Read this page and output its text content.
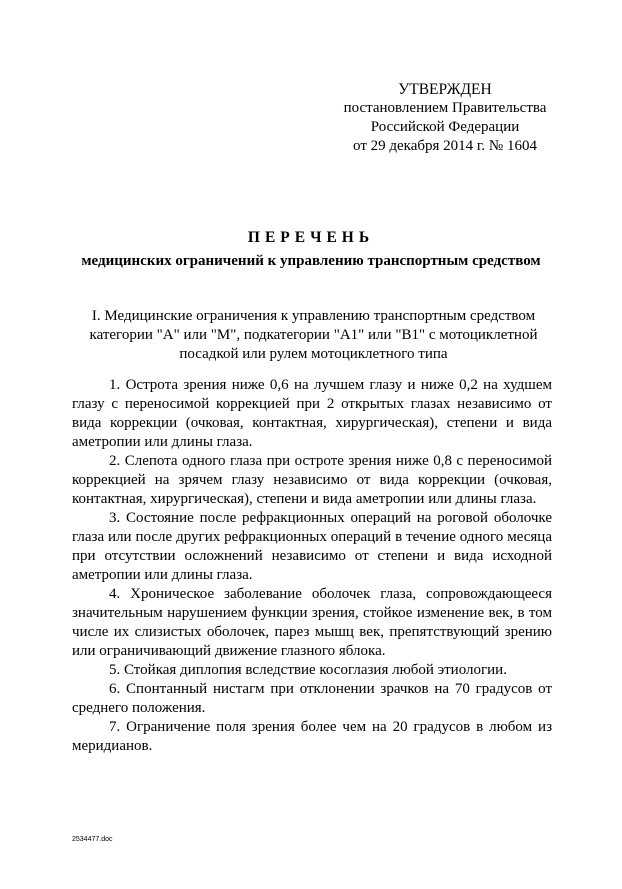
УТВЕРЖДЕН
постановлением Правительства
Российской Федерации
от 29 декабря 2014 г. № 1604
ПЕРЕЧЕНЬ
медицинских ограничений к управлению транспортным средством
I. Медицинские ограничения к управлению транспортным средством категории "A" или "M", подкатегории "A1" или "B1" с мотоциклетной посадкой или рулем мотоциклетного типа

1. Острота зрения ниже 0,6 на лучшем глазу и ниже 0,2 на худшем глазу с переносимой коррекцией при 2 открытых глазах независимо от вида коррекции (очковая, контактная, хирургическая), степени и вида аметропии или длины глаза.

2. Слепота одного глаза при остроте зрения ниже 0,8 с переносимой коррекцией на зрячем глазу независимо от вида коррекции (очковая, контактная, хирургическая), степени и вида аметропии или длины глаза.

3. Состояние после рефракционных операций на роговой оболочке глаза или после других рефракционных операций в течение одного месяца при отсутствии осложнений независимо от степени и вида исходной аметропии или длины глаза.

4. Хроническое заболевание оболочек глаза, сопровождающееся значительным нарушением функции зрения, стойкое изменение век, в том числе их слизистых оболочек, парез мышц век, препятствующий зрению или ограничивающий движение глазного яблока.

5. Стойкая диплопия вследствие косоглазия любой этиологии.

6. Спонтанный нистагм при отклонении зрачков на 70 градусов от среднего положения.

7. Ограничение поля зрения более чем на 20 градусов в любом из меридианов.

2534477.doc
